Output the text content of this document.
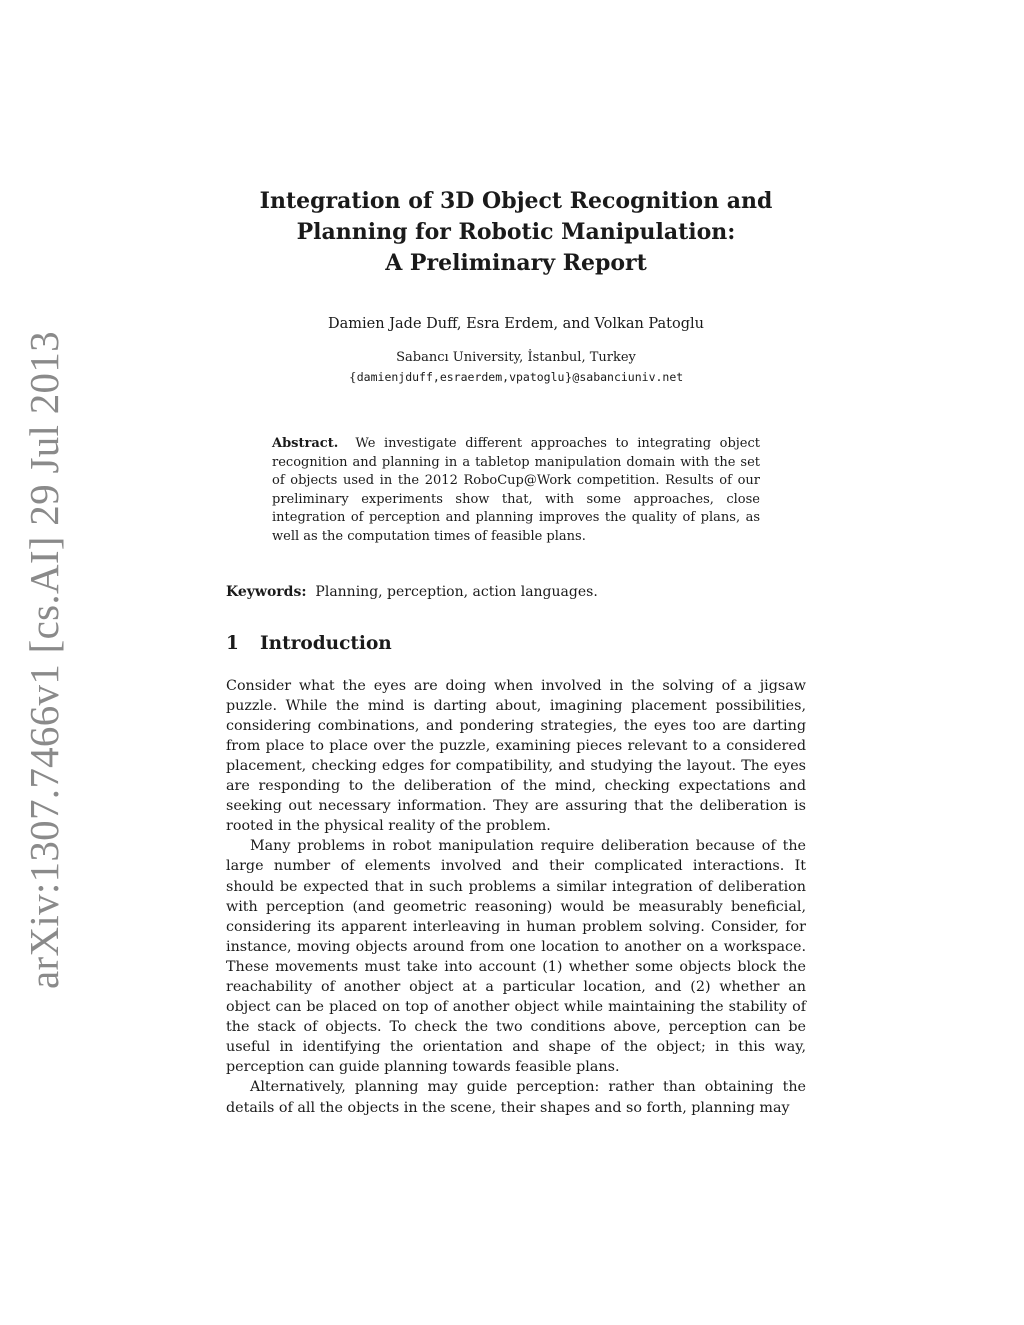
arXiv:1307.7466v1 [cs.AI] 29 Jul 2013
Integration of 3D Object Recognition and
Planning for Robotic Manipulation:
A Preliminary Report
Damien Jade Duff, Esra Erdem, and Volkan Patoglu
Sabancı University, İstanbul, Turkey
{damienjduff,esraerdem,vpatoglu}@sabanciuniv.net
Abstract. We investigate different approaches to integrating object recognition and planning in a tabletop manipulation domain with the set of objects used in the 2012 RoboCup@Work competition. Results of our preliminary experiments show that, with some approaches, close integration of perception and planning improves the quality of plans, as well as the computation times of feasible plans.
Keywords: Planning, perception, action languages.
1 Introduction

Consider what the eyes are doing when involved in the solving of a jigsaw puzzle. While the mind is darting about, imagining placement possibilities, considering combinations, and pondering strategies, the eyes too are darting from place to place over the puzzle, examining pieces relevant to a considered placement, checking edges for compatibility, and studying the layout. The eyes are responding to the deliberation of the mind, checking expectations and seeking out necessary information. They are assuring that the deliberation is rooted in the physical reality of the problem.

Many problems in robot manipulation require deliberation because of the large number of elements involved and their complicated interactions. It should be expected that in such problems a similar integration of deliberation with perception (and geometric reasoning) would be measurably beneficial, considering its apparent interleaving in human problem solving. Consider, for instance, moving objects around from one location to another on a workspace. These movements must take into account (1) whether some objects block the reachability of another object at a particular location, and (2) whether an object can be placed on top of another object while maintaining the stability of the stack of objects. To check the two conditions above, perception can be useful in identifying the orientation and shape of the object; in this way, perception can guide planning towards feasible plans.

Alternatively, planning may guide perception: rather than obtaining the details of all the objects in the scene, their shapes and so forth, planning may
